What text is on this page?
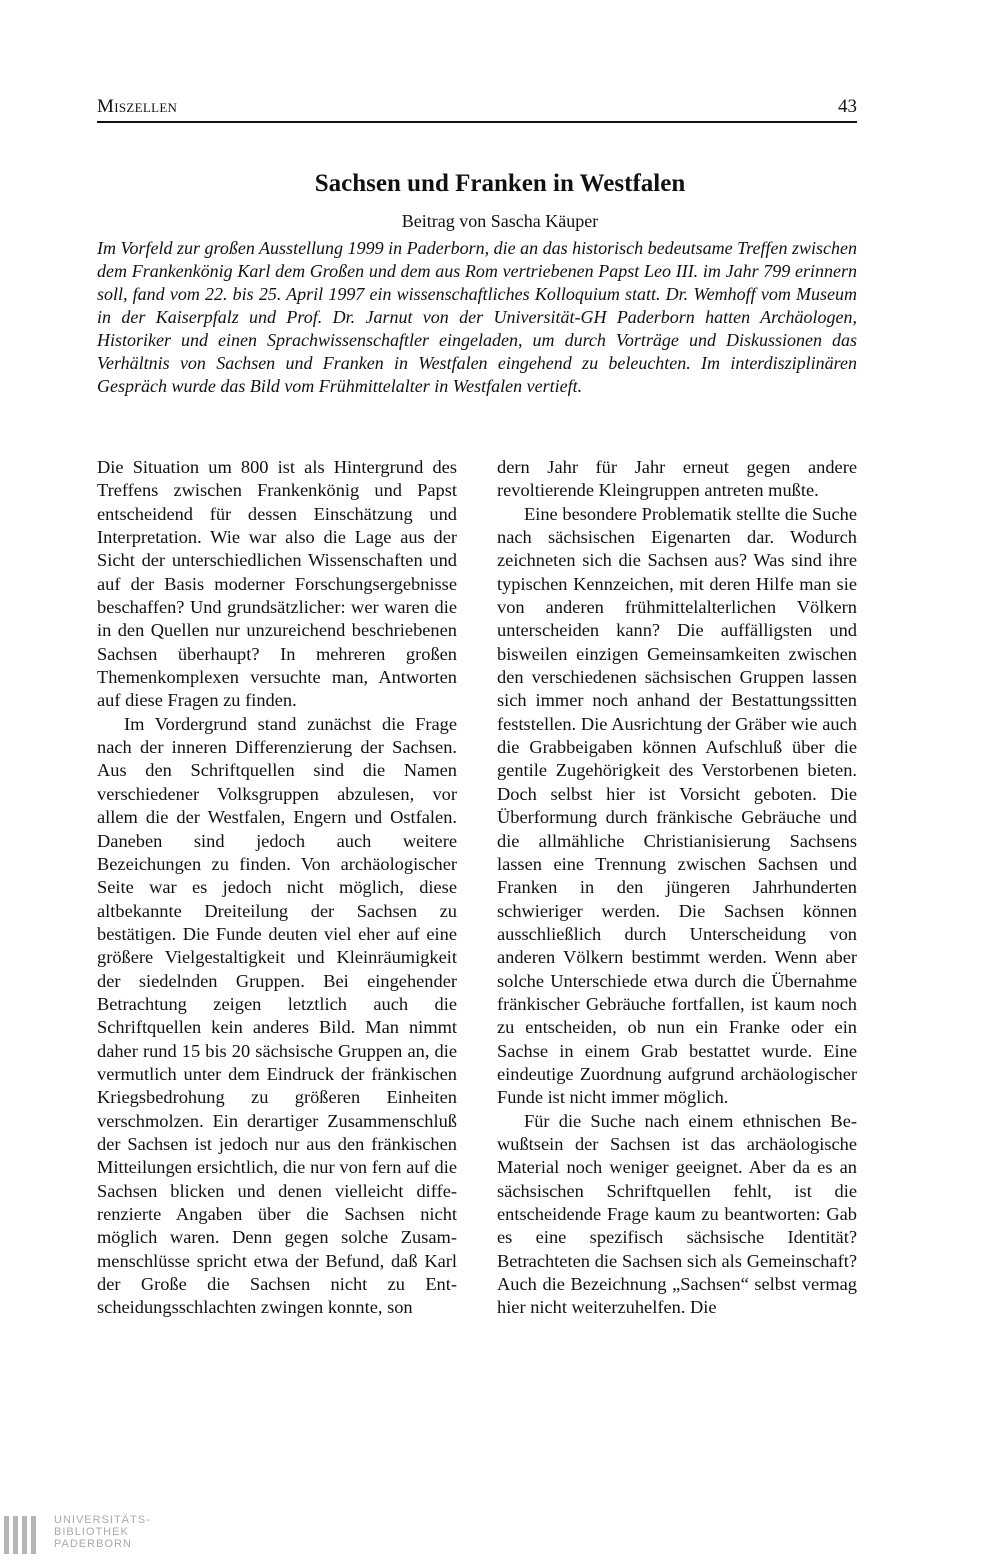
Miszellen	43
Sachsen und Franken in Westfalen
Beitrag von Sascha Käuper
Im Vorfeld zur großen Ausstellung 1999 in Paderborn, die an das historisch bedeutsame Treffen zwischen dem Frankenkönig Karl dem Großen und dem aus Rom vertriebenen Papst Leo III. im Jahr 799 erinnern soll, fand vom 22. bis 25. April 1997 ein wissenschaftliches Kolloquium statt. Dr. Wemhoff vom Museum in der Kaiserpfalz und Prof. Dr. Jarnut von der Universität-GH Paderborn hatten Archäologen, Historiker und einen Sprachwissenschaftler eingeladen, um durch Vorträge und Diskussionen das Verhältnis von Sachsen und Franken in Westfalen eingehend zu beleuchten. Im interdisziplinären Gespräch wurde das Bild vom Frühmittelalter in Westfalen vertieft.

Die Situation um 800 ist als Hintergrund des Treffens zwischen Frankenkönig und Papst entscheidend für dessen Einschätzung und Interpretation. Wie war also die Lage aus der Sicht der unterschiedlichen Wissenschaften und auf der Basis moderner Forschungsergebnisse beschaffen? Und grundsätzlicher: wer waren die in den Quellen nur unzureichend beschriebenen Sachsen überhaupt? In mehreren großen Themenkomplexen versuchte man, Antworten auf diese Fragen zu finden.

Im Vordergrund stand zunächst die Frage nach der inneren Differenzierung der Sachsen. Aus den Schriftquellen sind die Namen verschiedener Volksgruppen abzulesen, vor allem die der Westfalen, Engern und Ostfalen. Daneben sind jedoch auch weitere Bezeichungen zu finden. Von archäologischer Seite war es jedoch nicht möglich, diese altbekannte Dreiteilung der Sachsen zu bestätigen. Die Funde deuten viel eher auf eine größere Vielgestaltigkeit und Kleinräumigkeit der siedelnden Gruppen. Bei eingehender Betrachtung zeigen letztlich auch die Schriftquellen kein anderes Bild. Man nimmt daher rund 15 bis 20 sächsische Gruppen an, die vermutlich unter dem Eindruck der fränkischen Kriegsbedrohung zu größeren Einheiten verschmolzen. Ein derartiger Zusammenschluß der Sachsen ist jedoch nur aus den fränkischen Mitteilungen ersichtlich, die nur von fern auf die Sachsen blicken und denen vielleicht differenzierte Angaben über die Sachsen nicht möglich waren. Denn gegen solche Zusammenschlüsse spricht etwa der Befund, daß Karl der Große die Sachsen nicht zu Entscheidungsschlachten zwingen konnte, son

dern Jahr für Jahr erneut gegen andere revoltierende Kleingruppen antreten mußte.

Eine besondere Problematik stellte die Suche nach sächsischen Eigenarten dar. Wodurch zeichneten sich die Sachsen aus? Was sind ihre typischen Kennzeichen, mit deren Hilfe man sie von anderen frühmittelalterlichen Völkern unterscheiden kann? Die auffälligsten und bisweilen einzigen Gemeinsamkeiten zwischen den verschiedenen sächsischen Gruppen lassen sich immer noch anhand der Bestattungssitten feststellen. Die Ausrichtung der Gräber wie auch die Grabbeigaben können Aufschluß über die gentile Zugehörigkeit des Verstorbenen bieten. Doch selbst hier ist Vorsicht geboten. Die Überformung durch fränkische Gebräuche und die allmähliche Christianisierung Sachsens lassen eine Trennung zwischen Sachsen und Franken in den jüngeren Jahrhunderten schwieriger werden. Die Sachsen können ausschließlich durch Unterscheidung von anderen Völkern bestimmt werden. Wenn aber solche Unterschiede etwa durch die Übernahme fränkischer Gebräuche fortfallen, ist kaum noch zu entscheiden, ob nun ein Franke oder ein Sachse in einem Grab bestattet wurde. Eine eindeutige Zuordnung aufgrund archäologischer Funde ist nicht immer möglich.

Für die Suche nach einem ethnischen Bewußtsein der Sachsen ist das archäologische Material noch weniger geeignet. Aber da es an sächsischen Schriftquellen fehlt, ist die entscheidende Frage kaum zu beantworten: Gab es eine spezifisch sächsische Identität? Betrachteten die Sachsen sich als Gemeinschaft? Auch die Bezeichnung „Sachsen“ selbst vermag hier nicht weiterzuhelfen. Die

UNIVERSITÄTS-
BIBLIOTHEK
PADERBORN
